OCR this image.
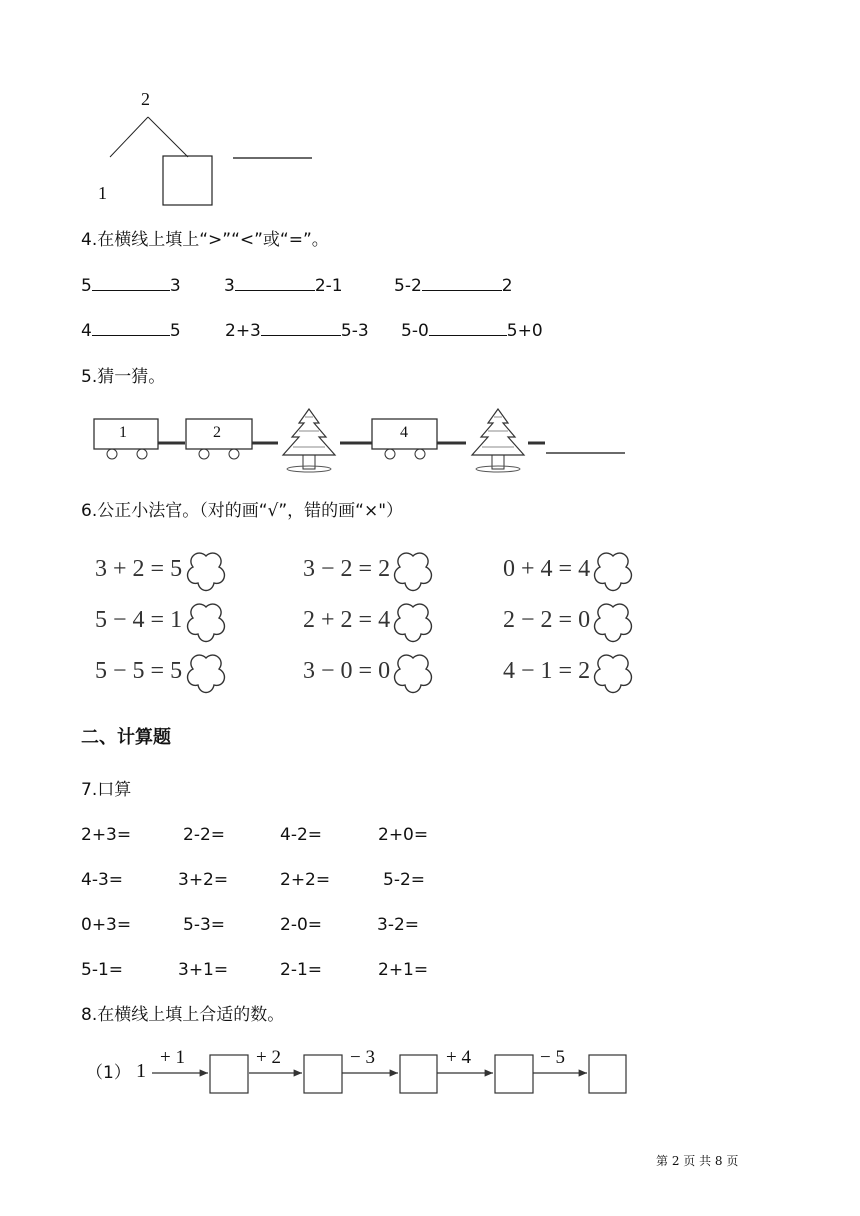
2
1
4.在横线上填上“>”“<”或“=”。
5	3	3	2-1	5-2	2
4	5	2+3	5-3 5-0	5+0
5.猜一猜。
1	2	4
6.公正小法官。（对的画“√”，错的画“×"）
3 + 2 = 5	3 − 2 = 2	0 + 4 = 4
5 − 4 = 1	2 + 2 = 4	2 − 2 = 0
5 − 5 = 5	3 − 0 = 0	4 − 1 = 2
二、计算题
7.口算
2+3=	2-2=	4-2=	2+0=
4-3=	3+2=	2+2=	5-2=
0+3=	5-3=	2-0=	3-2=
5-1=	3+1=	2-1=	2+1=
8.在横线上填上合适的数。
（1） 1
+ 1	+ 2	− 3	+ 4	− 5
第 2 页 共 8 页
